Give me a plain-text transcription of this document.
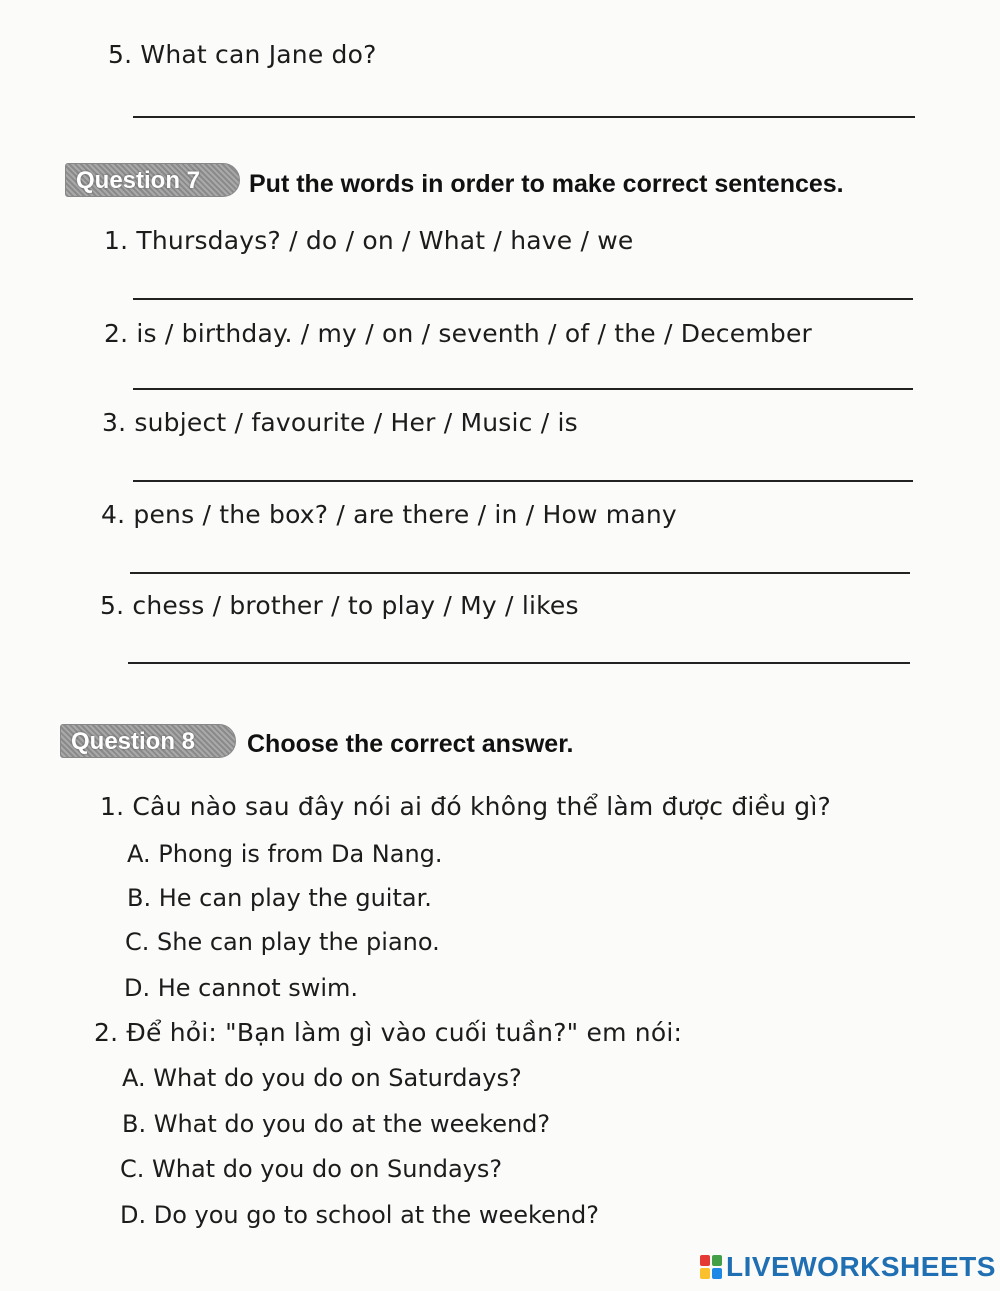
5. What can Jane do?
Question 7	Put the words in order to make correct sentences.
1. Thursdays? / do / on / What / have / we
2. is / birthday. / my / on / seventh / of / the / December
3. subject / favourite / Her / Music / is
4. pens / the box? / are there / in / How many
5. chess / brother / to play / My / likes
Question 8	Choose the correct answer.
1. Câu nào sau đây nói ai đó không thể làm được điều gì?
A. Phong is from Da Nang.
B. He can play the guitar.
C. She can play the piano.
D. He cannot swim.
2. Để hỏi: "Bạn làm gì vào cuối tuần?" em nói:
A. What do you do on Saturdays?
B. What do you do at the weekend?
C. What do you do on Sundays?
D. Do you go to school at the weekend?
LIVEWORKSHEETS
